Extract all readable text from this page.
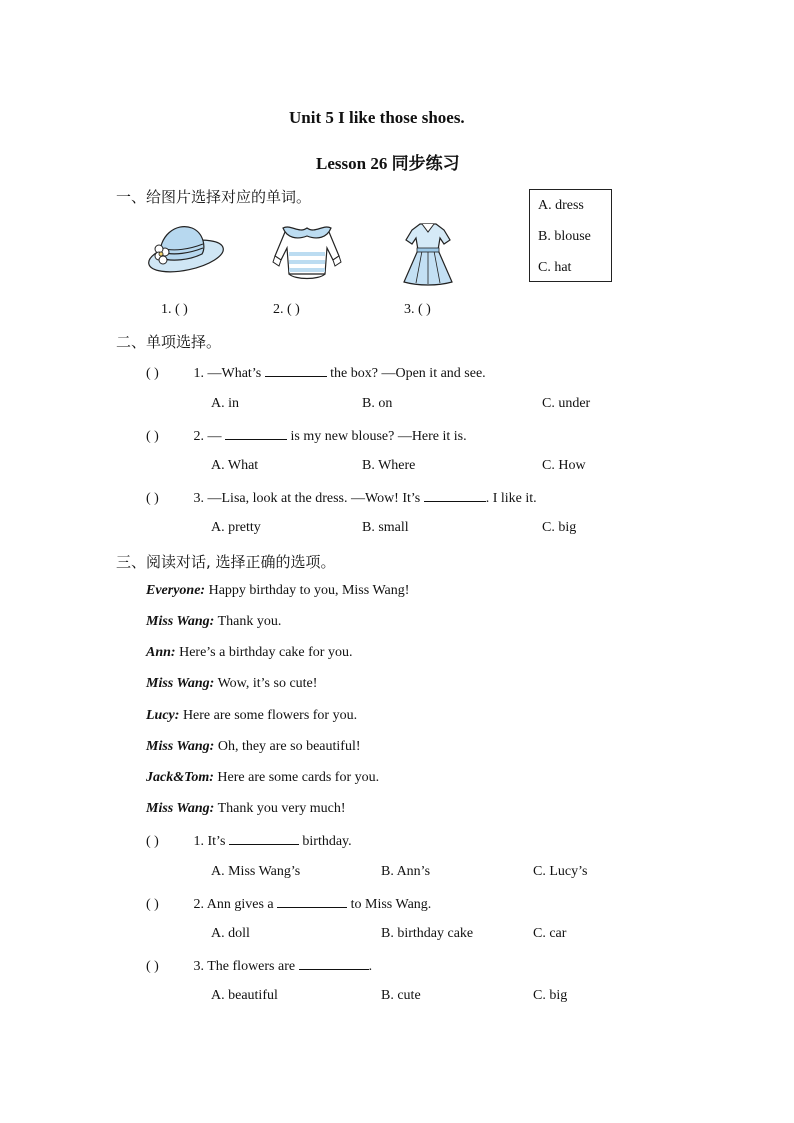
Unit 5 I like those shoes.
Lesson 26 同步练习
一、给图片选择对应的单词。	A. dress
B. blouse
C. hat
1. ( )	2. ( )	3. ( )
二、单项选择。
( ) 1. —What’s	the box? —Open it and see.
A. in	B. on	C. under
( ) 2. —	is my new blouse? —Here it is.
A. What	B. Where	C. How
( ) 3. —Lisa, look at the dress. —Wow! It’s	. I like it.
A. pretty	B. small	C. big
三、阅读对话, 选择正确的选项。
Everyone: Happy birthday to you, Miss Wang!
Miss Wang: Thank you.
Ann: Here’s a birthday cake for you.
Miss Wang: Wow, it’s so cute!
Lucy: Here are some flowers for you.
Miss Wang: Oh, they are so beautiful!
Jack&Tom: Here are some cards for you.
Miss Wang: Thank you very much!
( ) 1. It’s	birthday.
A. Miss Wang’s	B. Ann’s	C. Lucy’s
( ) 2. Ann gives a	to Miss Wang.
A. doll	B. birthday cake	C. car
( ) 3. The flowers are	.
A. beautiful	B. cute	C. big
